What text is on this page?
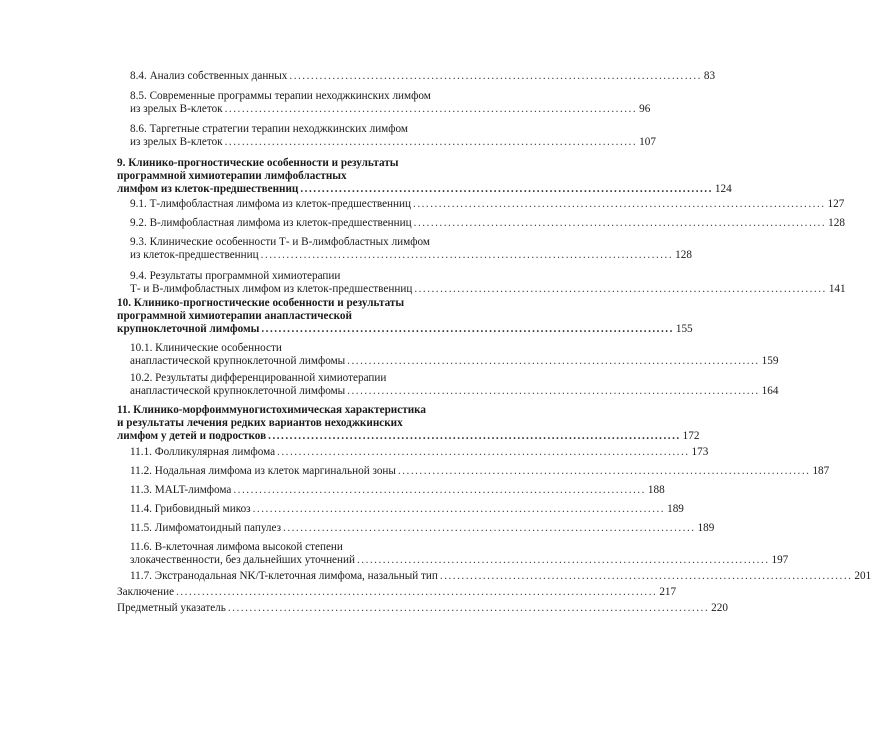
8.4. Анализ собственных данных ................................................................................................ 83
8.5. Современные программы терапии неходжкинских лимфом
из зрелых В-клеток ................................................................................................ 96
8.6. Таргетные стратегии терапии неходжкинских лимфом
из зрелых В-клеток ................................................................................................ 107
9. Клинико-прогностические особенности и результаты
программной химиотерапии лимфобластных
лимфом из клеток-предшественниц ................................................................................................ 124
9.1. Т-лимфобластная лимфома из клеток-предшественниц ................................................................................................ 127
9.2. В-лимфобластная лимфома из клеток-предшественниц ................................................................................................ 128
9.3. Клинические особенности Т- и В-лимфобластных лимфом
из клеток-предшественниц ................................................................................................ 128
9.4. Результаты программной химиотерапии
Т- и В-лимфобластных лимфом из клеток-предшественниц ................................................................................................ 141
10. Клинико-прогностические особенности и результаты
программной химиотерапии анапластической
крупноклеточной лимфомы ................................................................................................ 155
10.1. Клинические особенности
анапластической крупноклеточной лимфомы ................................................................................................ 159
10.2. Результаты дифференцированной химиотерапии
анапластической крупноклеточной лимфомы ................................................................................................ 164
11. Клинико-морфоиммуногистохимическая характеристика
и результаты лечения редких вариантов неходжкинских
лимфом у детей и подростков ................................................................................................ 172
11.1. Фолликулярная лимфома ................................................................................................ 173
11.2. Нодальная лимфома из клеток маргинальной зоны ................................................................................................ 187
11.3. MALT-лимфома ................................................................................................ 188
11.4. Грибовидный микоз ................................................................................................ 189
11.5. Лимфоматоидный папулез ................................................................................................ 189
11.6. В-клеточная лимфома высокой степени
злокачественности, без дальнейших уточнений ................................................................................................ 197
11.7. Экстранодальная NK/T-клеточная лимфома, назальный тип ................................................................................................ 201
Заключение ................................................................................................................ 217
Предметный указатель ................................................................................................................ 220
